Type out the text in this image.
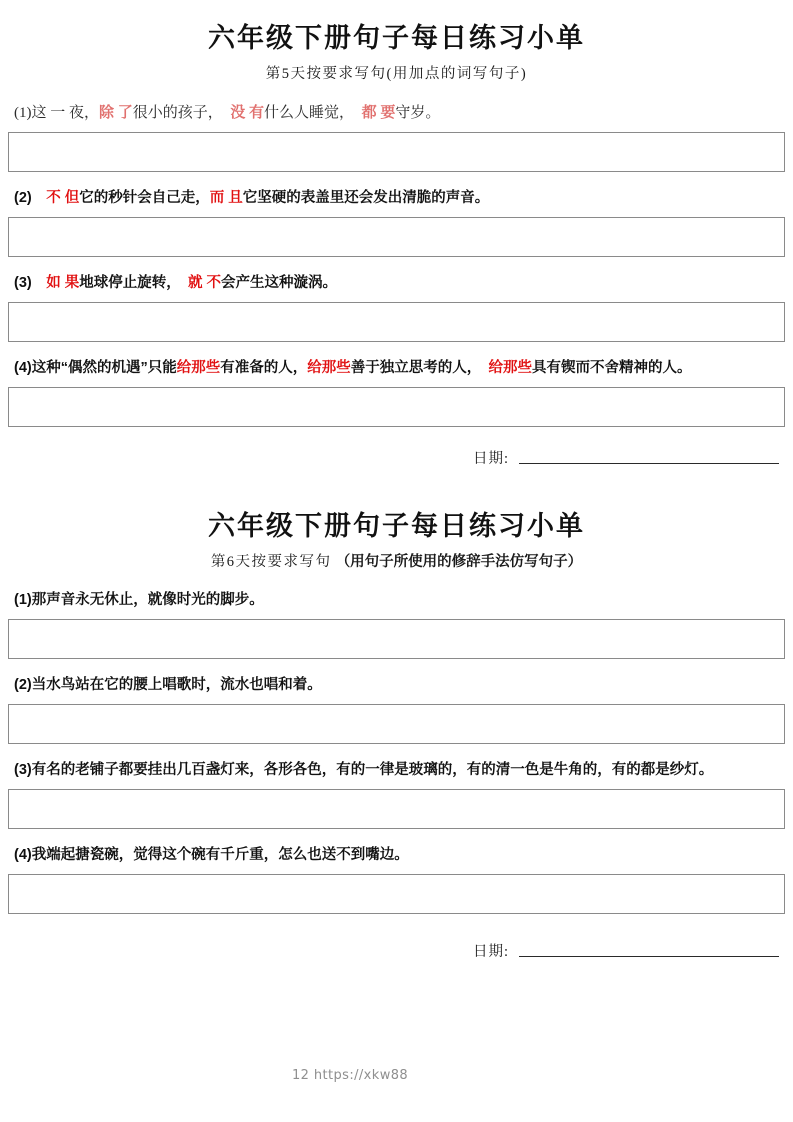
六年级下册句子每日练习小单
第5天按要求写句(用加点的词写句子)
(1)这 一 夜，除 了很小的孩子，　没 有什么人睡觉，　都 要守岁。
(2)　不 但它的秒针会自己走，而 且它坚硬的表盖里还会发出清脆的声音。
(3)　如 果地球停止旋转，　就 不会产生这种漩涡。
(4)这种“偶然的机遇”只能给那些有准备的人，给那些善于独立思考的人，　给那些具有锲而不舍精神的人。
日期:
六年级下册句子每日练习小单
第6天按要求写句 （用句子所使用的修辞手法仿写句子）
(1)那声音永无休止，就像时光的脚步。
(2)当水鸟站在它的腰上唱歌时，流水也唱和着。
(3)有名的老铺子都要挂出几百盏灯来，各形各色，有的一律是玻璃的，有的清一色是牛角的，有的都是纱灯。
(4)我端起搪瓷碗，觉得这个碗有千斤重，怎么也送不到嘴边。
日期:
12 https://xkw88
